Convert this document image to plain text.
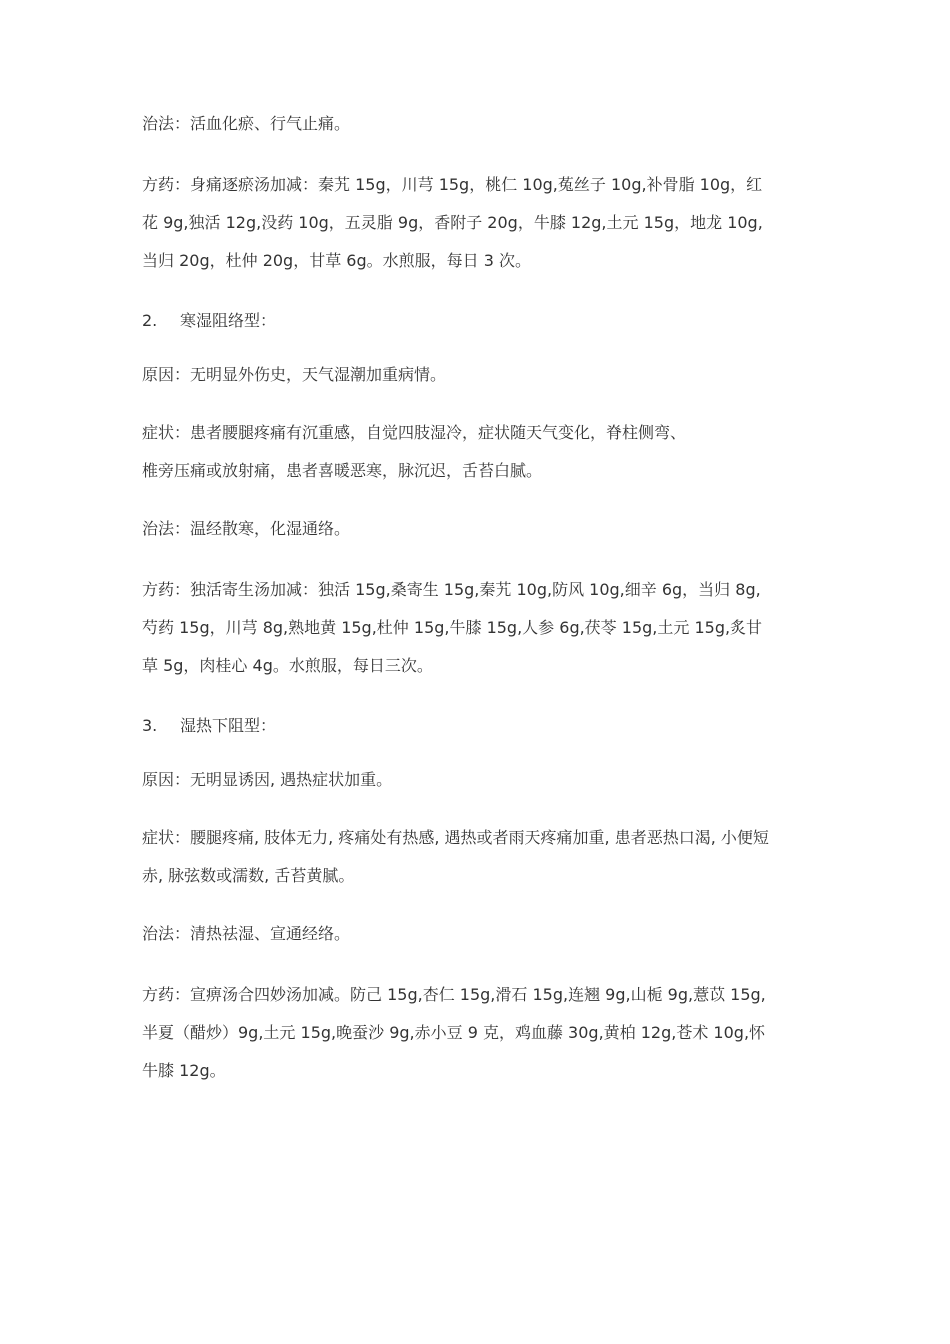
治法：活血化瘀、行气止痛。

方药：身痛逐瘀汤加减：秦艽 15g，川芎 15g，桃仁 10g,菟丝子 10g,补骨脂 10g，红
花 9g,独活 12g,没药 10g，五灵脂 9g，香附子 20g，牛膝 12g,土元 15g，地龙 10g,
当归 20g，杜仲 20g，甘草 6g。水煎服，每日 3 次。

2. 寒湿阻络型：

原因：无明显外伤史，天气湿潮加重病情。

症状：患者腰腿疼痛有沉重感，自觉四肢湿冷，症状随天气变化，脊柱侧弯、
椎旁压痛或放射痛，患者喜暖恶寒，脉沉迟，舌苔白腻。

治法：温经散寒，化湿通络。

方药：独活寄生汤加减：独活 15g,桑寄生 15g,秦艽 10g,防风 10g,细辛 6g，当归 8g,
芍药 15g，川芎 8g,熟地黄 15g,杜仲 15g,牛膝 15g,人参 6g,茯苓 15g,土元 15g,炙甘
草 5g，肉桂心 4g。水煎服，每日三次。

3. 湿热下阻型：

原因：无明显诱因, 遇热症状加重。

症状：腰腿疼痛, 肢体无力, 疼痛处有热感, 遇热或者雨天疼痛加重, 患者恶热口渴, 小便短
赤, 脉弦数或濡数, 舌苔黄腻。

治法：清热祛湿、宣通经络。

方药：宣痹汤合四妙汤加减。防己 15g,杏仁 15g,滑石 15g,连翘 9g,山栀 9g,薏苡 15g,
半夏（醋炒）9g,土元 15g,晚蚕沙 9g,赤小豆 9 克，鸡血藤 30g,黄柏 12g,苍术 10g,怀
牛膝 12g。
